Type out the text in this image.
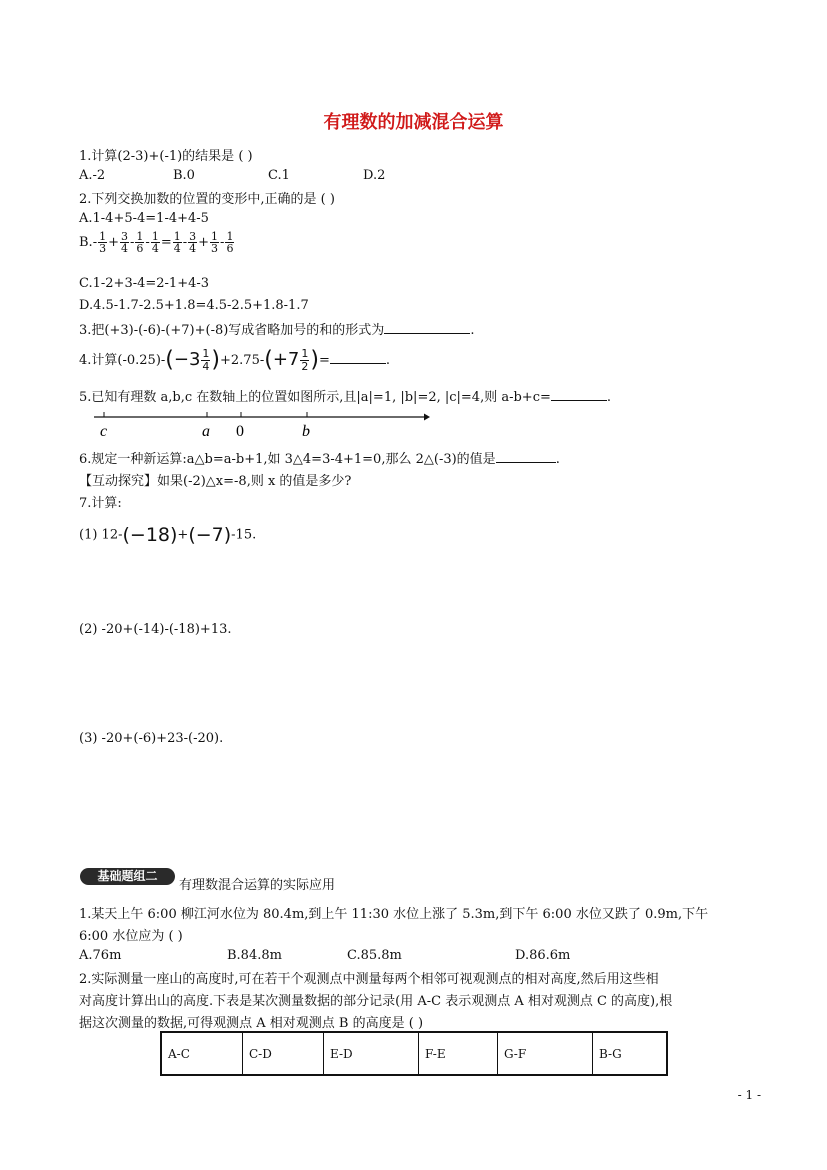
有理数的加减混合运算
1.计算(2-3)+(-1)的结果是 ( )
A.-2	B.0	C.1	D.2
2.下列交换加数的位置的变形中,正确的是 ( )
A.1-4+5-4=1-4+4-5
$B.- \frac{1}{3} + \frac{3}{4} - \frac{1}{6} - \frac{1}{4} = \frac{1}{4} - \frac{3}{4} + \frac{1}{3} - \frac{1}{6}$
C.1-2+3-4=2-1+4-3
D.4.5-1.7-2.5+1.8=4.5-2.5+1.8-1.7
3.把(+3)-(-6)-(+7)+(-8)写成省略加号的和的形式为	.
4.计算$(-0.25)-(-3 \frac{1}{4} )+2.75-(+7 \frac{1}{2}$ )=	.
5.已知有理数 a,b,c 在数轴上的位置如图所示,且|a|=1, |b|=2, |c|=4,则 a-b+c=	.
c	a 0	b
6.规定一种新运算:a△b=a-b+1,如 3△4=3-4+1=0,那么 2△(-3)的值是	.
【互动探究】如果(-2)△x=-8,则 x 的值是多少?
7.计算:
(1) 12-(−18)+(−7)-15.
(2) -20+(-14)-(-18)+13.
(3) -20+(-6)+23-(-20).
基础题组二
有理数混合运算的实际应用
1.某天上午 6:00 柳江河水位为 80.4m,到上午 11:30 水位上涨了 5.3m,到下午 6:00 水位又跌了 0.9m,下午
6:00 水位应为 ( )
A.76m	B.84.8m	C.85.8m	D.86.6m
2.实际测量一座山的高度时,可在若干个观测点中测量每两个相邻可视观测点的相对高度,然后用这些相
对高度计算出山的高度.下表是某次测量数据的部分记录(用 A-C 表示观测点 A 相对观测点 C 的高度),根
据这次测量的数据,可得观测点 A 相对观测点 B 的高度是 ( )
A-C	C-D	E-D	F-E	G-F	B-G
- 1 -
